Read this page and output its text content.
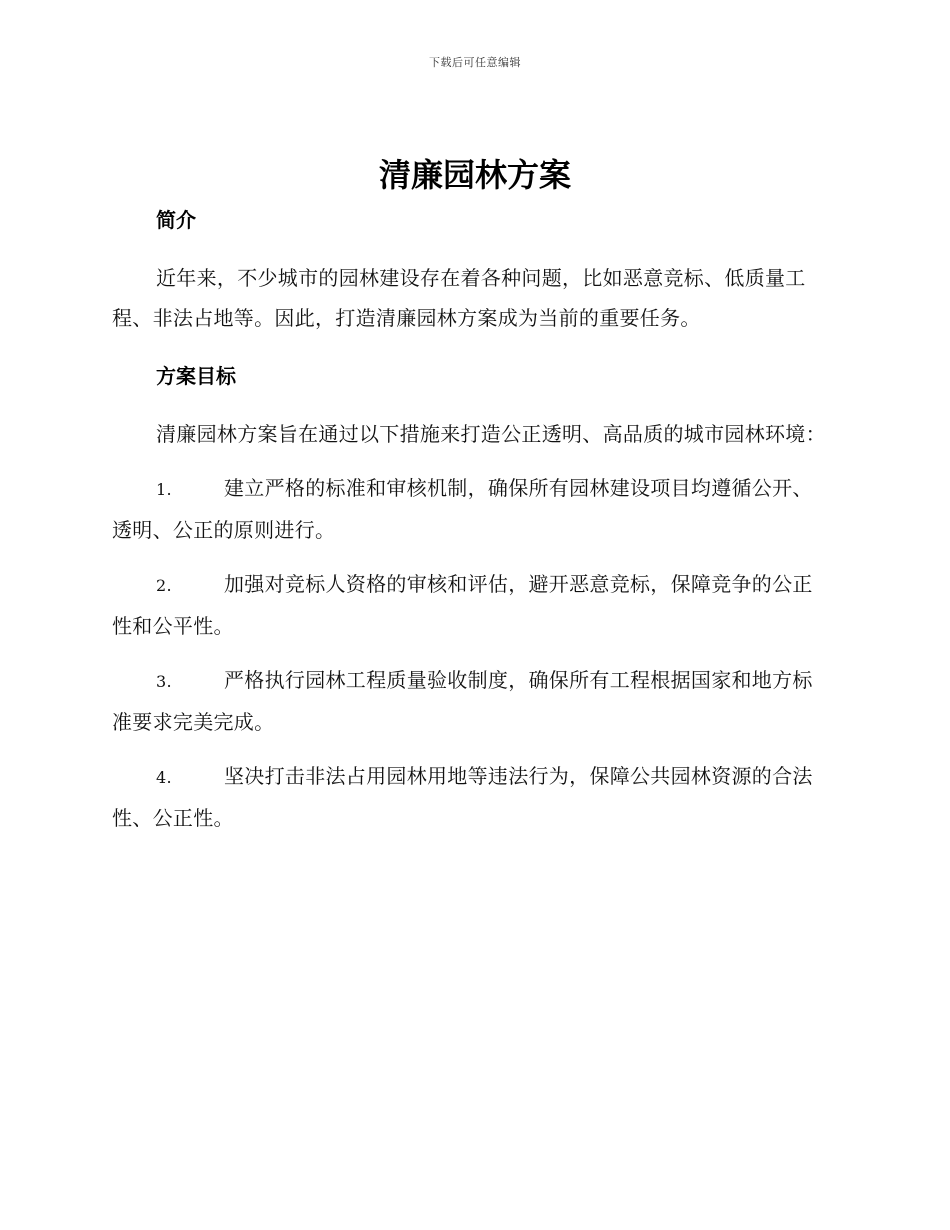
下载后可任意编辑
清廉园林方案
简介

近年来，不少城市的园林建设存在着各种问题，比如恶意竞标、低质量工程、非法占地等。因此，打造清廉园林方案成为当前的重要任务。

方案目标

清廉园林方案旨在通过以下措施来打造公正透明、高品质的城市园林环境：

1.	建立严格的标准和审核机制，确保所有园林建设项目均遵循公开、透明、公正的原则进行。

2.	加强对竞标人资格的审核和评估，避开恶意竞标，保障竞争的公正性和公平性。

3.	严格执行园林工程质量验收制度，确保所有工程根据国家和地方标准要求完美完成。

4.	坚决打击非法占用园林用地等违法行为，保障公共园林资源的合法性、公正性。
